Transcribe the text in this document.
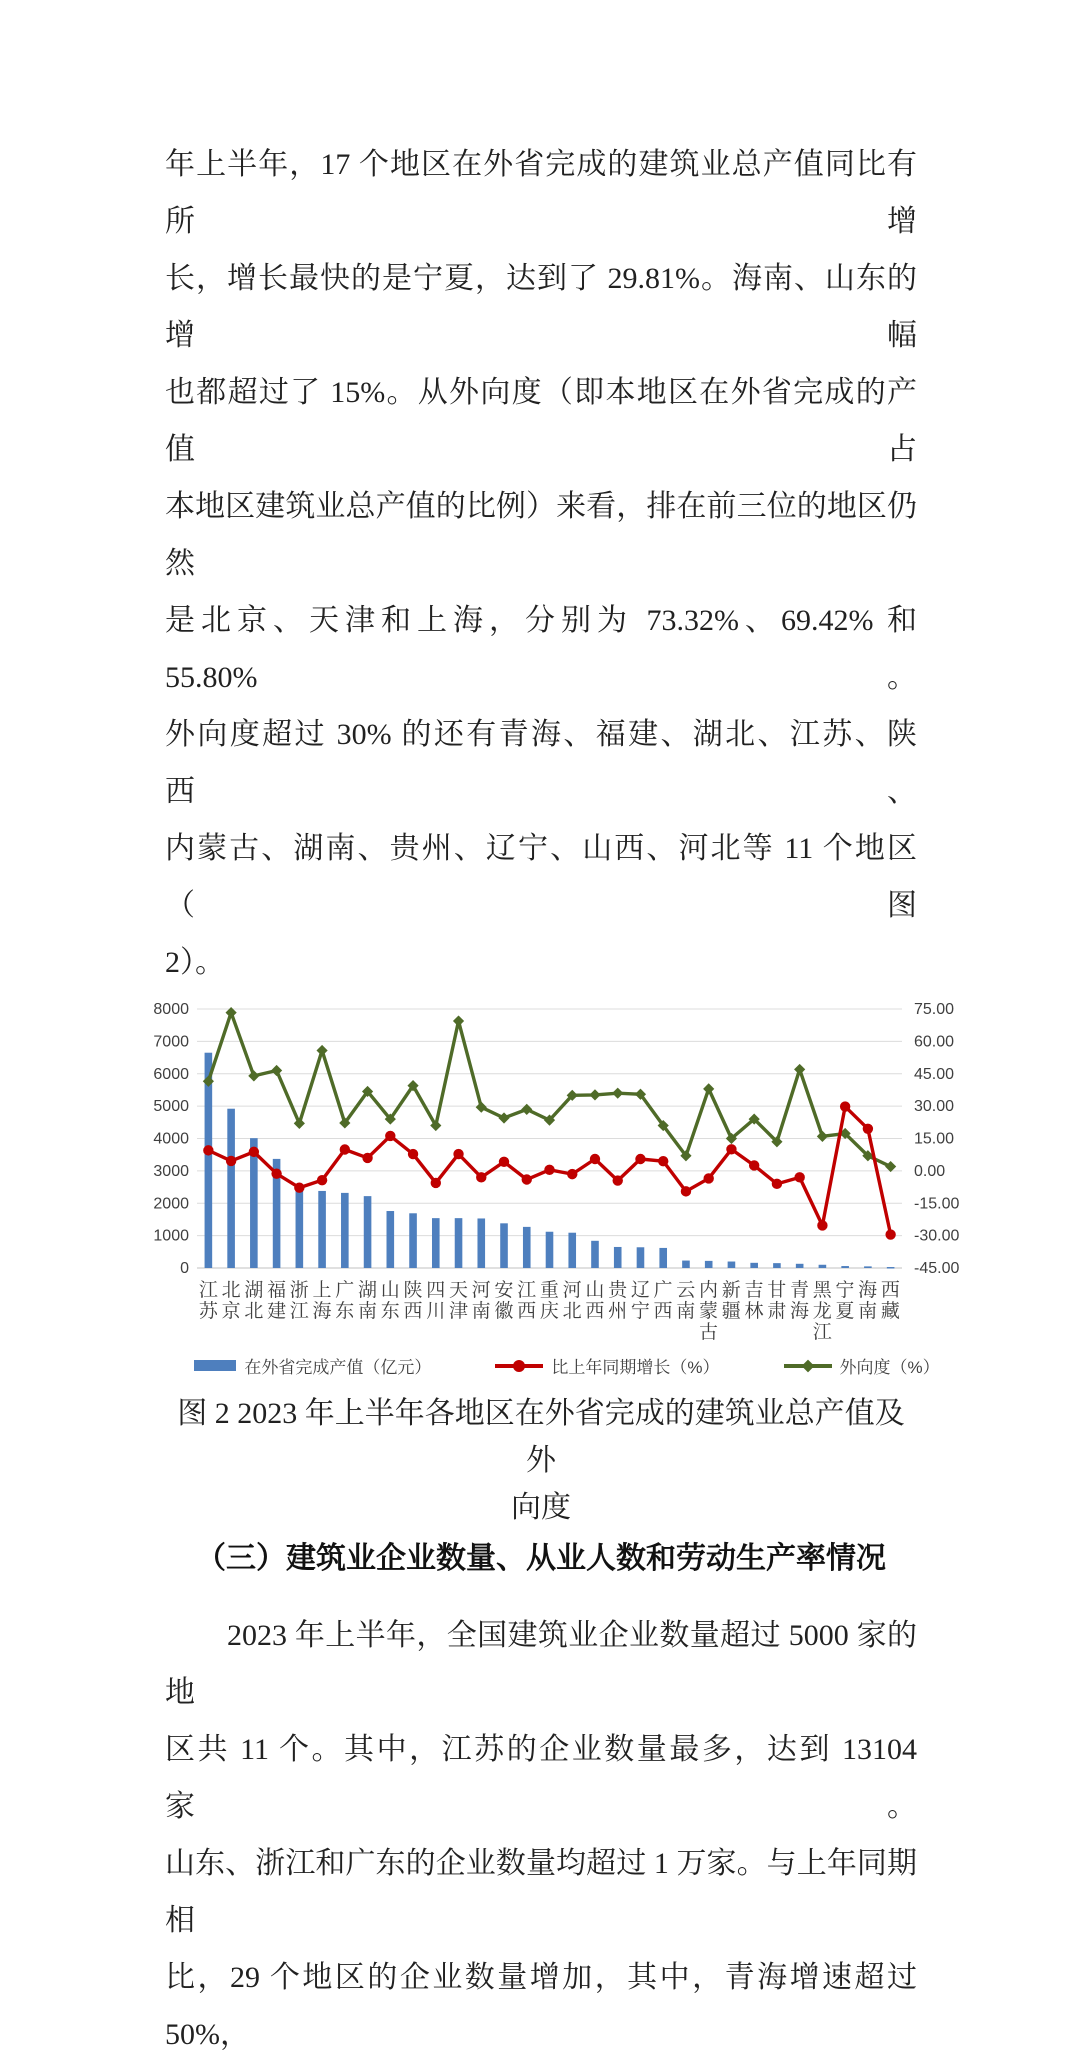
年上半年，17 个地区在外省完成的建筑业总产值同比有所增
长，增长最快的是宁夏，达到了 29.81%。海南、山东的增幅
也都超过了 15%。从外向度（即本地区在外省完成的产值占
本地区建筑业总产值的比例）来看，排在前三位的地区仍然
是北京、天津和上海，分别为 73.32%、69.42% 和 55.80%。
外向度超过 30% 的还有青海、福建、湖北、江苏、陕西、
内蒙古、湖南、贵州、辽宁、山西、河北等 11 个地区（图
2）。
8000	75.00
7000	60.00
6000	45.00
5000	30.00
4000	15.00
3000	0.00
2000	-15.00
1000	-30.00
0	-45.00
江
苏
北
京
湖
北
福
建
浙
江
上
海
广
东
湖
南
山
东
陕
西
四
川
天
津
河
南
安
徽
江
西
重
庆
河
北
山
西
贵
州
辽
宁
广
西
云
南
内
蒙
古
新
疆
吉
林
甘
肃
青
海
黑
龙
江
宁
夏
海
南
西
藏
在外省完成产值（亿元）	比上年同期增长（%）	外向度（%）
图 2 2023 年上半年各地区在外省完成的建筑业总产值及外
向度
（三）建筑业企业数量、从业人数和劳动生产率情况
2023 年上半年，全国建筑业企业数量超过 5000 家的地
区共 11 个。其中，江苏的企业数量最多，达到 13104 家。
山东、浙江和广东的企业数量均超过 1 万家。与上年同期相
比，29 个地区的企业数量增加，其中，青海增速超过 50%，
